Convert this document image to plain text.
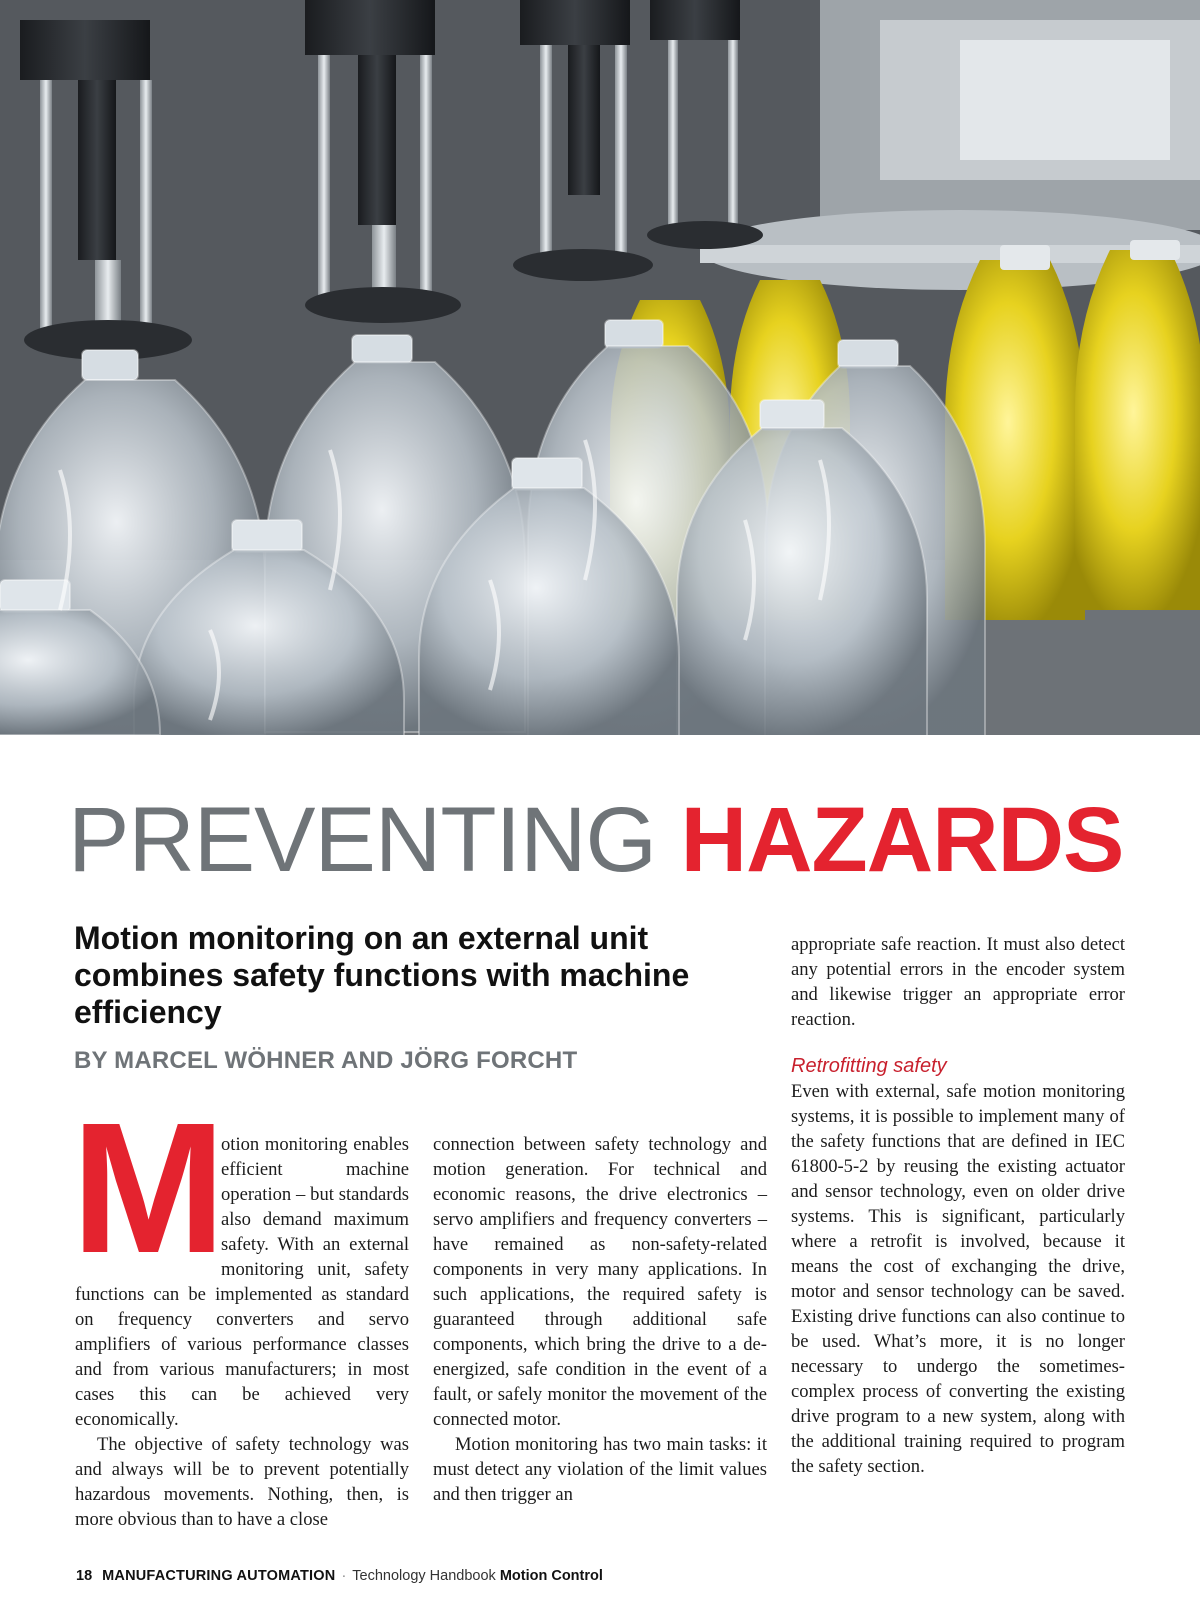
PREVENTING HAZARDS
Motion monitoring on an external unit combines safety functions with machine efficiency
BY MARCEL WÖHNER AND JÖRG FORCHT
M otion monitoring enables efficient machine operation – but standards also demand maximum safety. With an external monitoring unit, safety functions can be implemented as standard on frequency converters and servo amplifiers of various performance classes and from various manufacturers; in most cases this can be achieved very economically.

The objective of safety technology was and always will be to prevent potentially hazardous movements. Nothing, then, is more obvious than to have a close

connection between safety technology and motion generation. For technical and economic reasons, the drive electronics – servo amplifiers and frequency converters – have remained as non-safety-related components in very many applications. In such applications, the required safety is guaranteed through additional safe components, which bring the drive to a de-energized, safe condition in the event of a fault, or safely monitor the movement of the connected motor.

Motion monitoring has two main tasks: it must detect any violation of the limit values and then trigger an

appropriate safe reaction. It must also detect any potential errors in the encoder system and likewise trigger an appropriate error reaction.

Retrofitting safety

Even with external, safe motion monitoring systems, it is possible to implement many of the safety functions that are defined in IEC 61800-5-2 by reusing the existing actuator and sensor technology, even on older drive systems. This is significant, particularly where a retrofit is involved, because it means the cost of exchanging the drive, motor and sensor technology can be saved. Existing drive functions can also continue to be used. What’s more, it is no longer necessary to undergo the sometimes-complex process of converting the existing drive program to a new system, along with the additional training required to program the safety section.

18 MANUFACTURING AUTOMATION · Technology Handbook Motion Control
